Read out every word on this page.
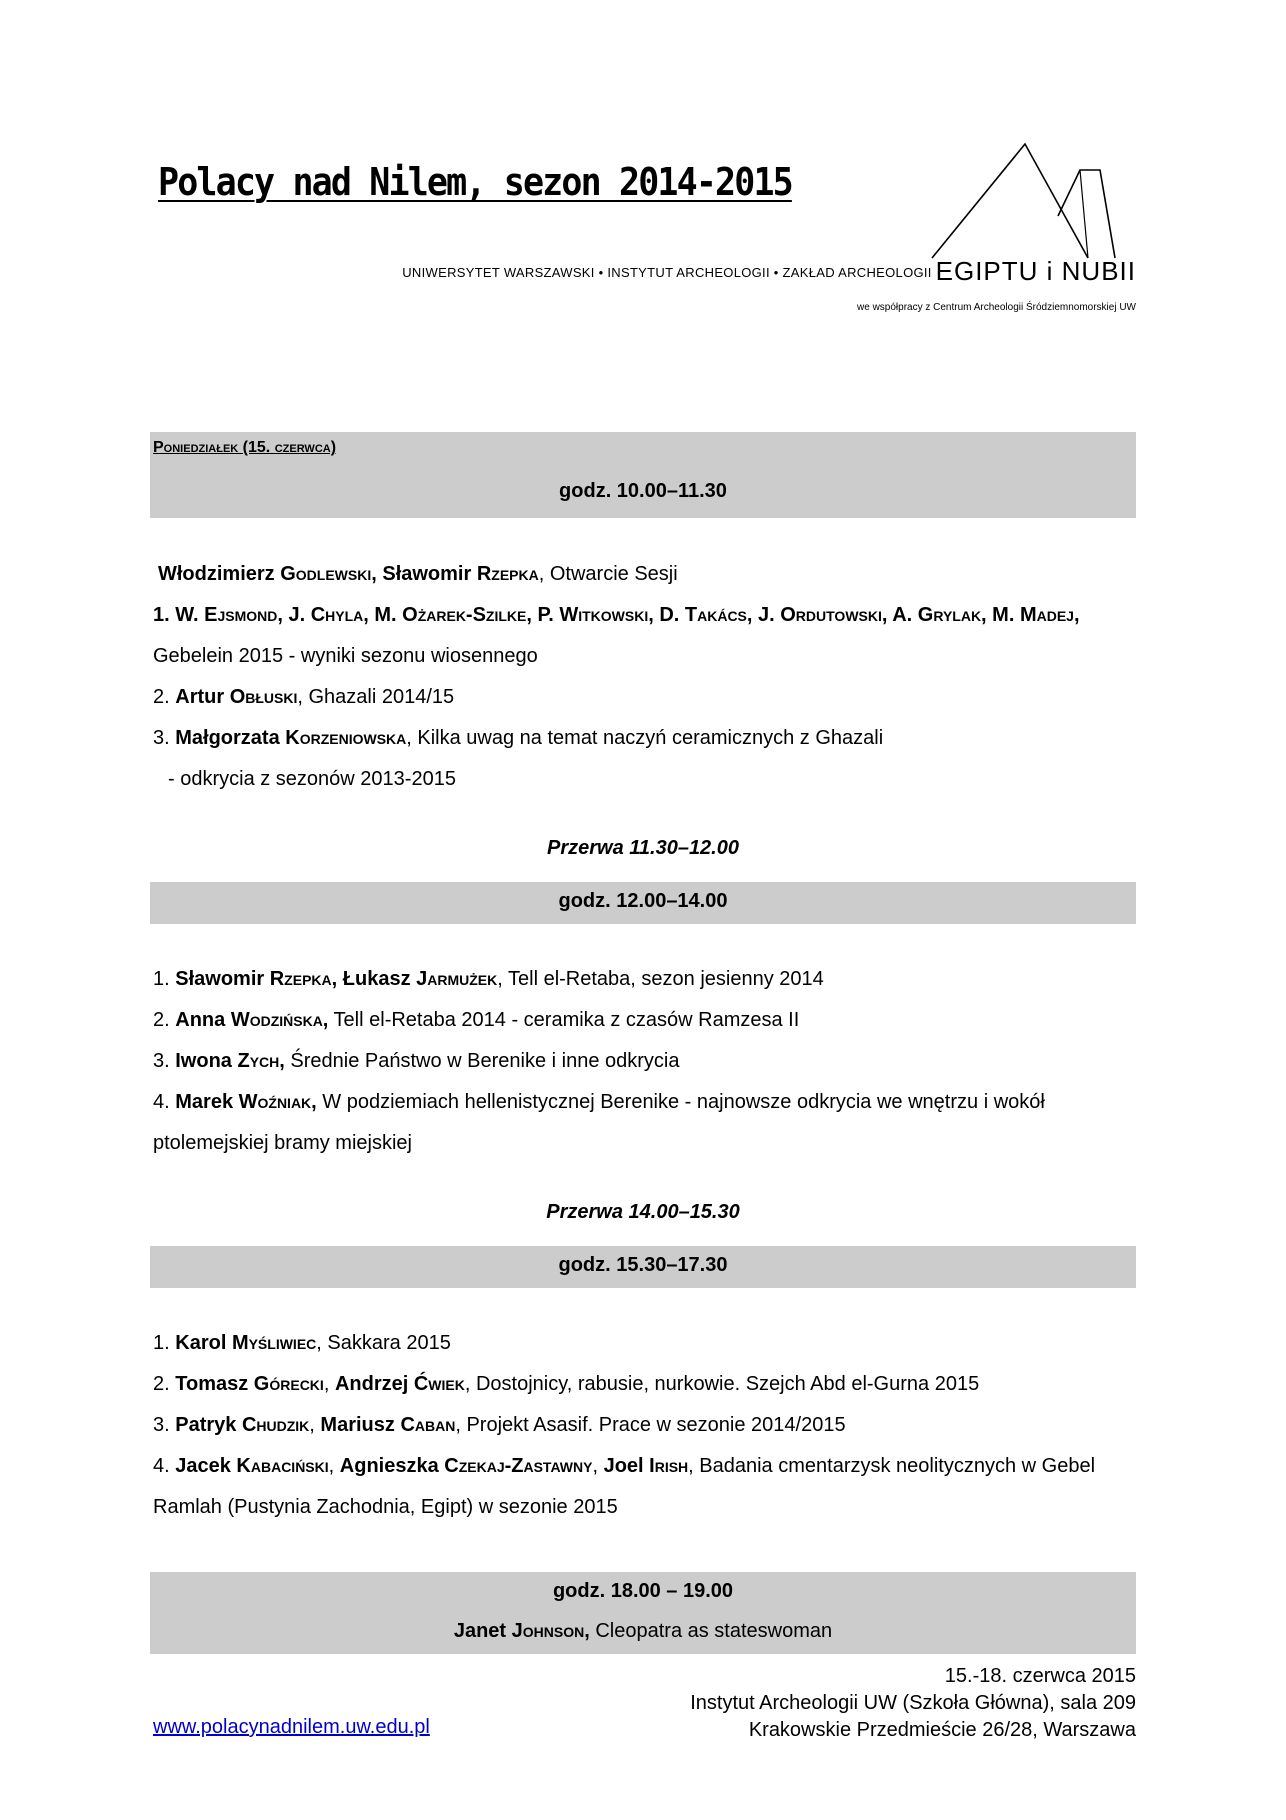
Polacy nad Nilem, sezon 2014-2015
UNIWERSYTET WARSZAWSKI • INSTYTUT ARCHEOLOGII • ZAKŁAD ARCHEOLOGII EGIPTU i NUBII
we współpracy z Centrum Archeologii Śródziemnomorskiej UW
Poniedziałek (15. czerwca)
godz. 10.00–11.30
Włodzimierz Godlewski, Sławomir Rzepka, Otwarcie Sesji
1. W. Ejsmond, J. Chyla, M. Ożarek-Szilke, P. Witkowski, D. Takács, J. Ordutowski, A. Grylak, M. Madej,
Gebelein 2015 - wyniki sezonu wiosennego
2. Artur Obłuski, Ghazali 2014/15
3. Małgorzata Korzeniowska, Kilka uwag na temat naczyń ceramicznych z Ghazali
- odkrycia z sezonów 2013-2015
Przerwa 11.30–12.00
godz. 12.00–14.00
1. Sławomir Rzepka, Łukasz Jarmużek, Tell el-Retaba, sezon jesienny 2014
2. Anna Wodzińska, Tell el-Retaba 2014 - ceramika z czasów Ramzesa II
3. Iwona Zych, Średnie Państwo w Berenike i inne odkrycia
4. Marek Woźniak, W podziemiach hellenistycznej Berenike - najnowsze odkrycia we wnętrzu i wokół
ptolemejskiej bramy miejskiej
Przerwa 14.00–15.30
godz. 15.30–17.30
1. Karol Myśliwiec, Sakkara 2015
2. Tomasz Górecki, Andrzej Ćwiek, Dostojnicy, rabusie, nurkowie. Szejch Abd el-Gurna 2015
3. Patryk Chudzik, Mariusz Caban, Projekt Asasif. Prace w sezonie 2014/2015
4. Jacek Kabaciński, Agnieszka Czekaj-Zastawny, Joel Irish, Badania cmentarzysk neolitycznych w Gebel
Ramlah (Pustynia Zachodnia, Egipt) w sezonie 2015
godz. 18.00 – 19.00
Janet Johnson, Cleopatra as stateswoman
www.polacynadnilem.uw.edu.pl
15.-18. czerwca 2015
Instytut Archeologii UW (Szkoła Główna), sala 209
Krakowskie Przedmieście 26/28, Warszawa
